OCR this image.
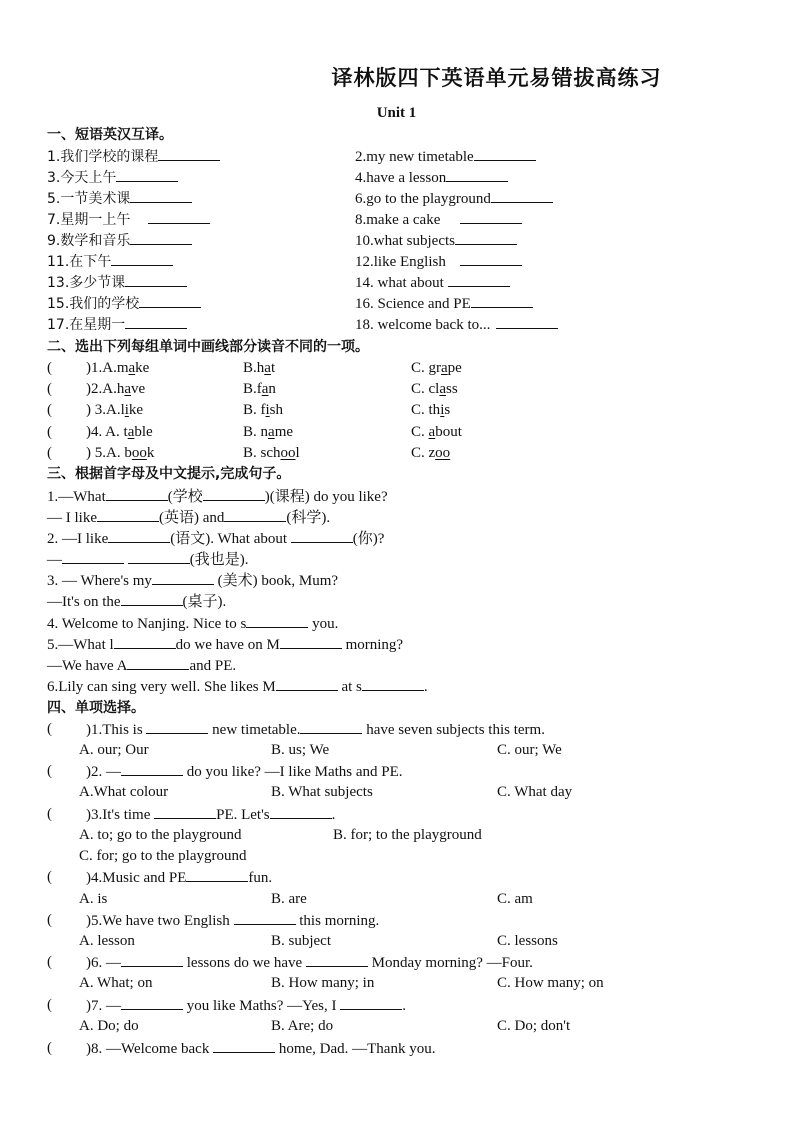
译林版四下英语单元易错拔高练习
Unit 1
一、短语英汉互译。
1.我们学校的课程	2.my new timetable
3.今天上午	4.have a lesson
5.一节美术课	6.go to the playground
7.星期一上午	8.make a cake
9.数学和音乐	10.what subjects
11.在下午	12.like English
13.多少节课	14. what about
15.我们的学校	16. Science and PE
17.在星期一	18. welcome back to...
二、选出下列每组单词中画线部分读音不同的一项。
( )1.A.make	B.hat	C. grape
( )2.A.have	B.fan	C. class
( ) 3.A.like	B. fish	C. this
( )4. A. table	B. name	C. about
( ) 5.A. book	B. school	C. zoo
三、根据首字母及中文提示,完成句子。
1.—What	(学校	)(课程) do you like?
— I like	(英语) and	(科学).
2. —I like	(语文). What about	(你)?
—	(我也是).
3. — Where's my	(美术) book, Mum?
—It's on the	(桌子).
4. Welcome to Nanjing. Nice to s	you.
5.—What l	do we have on M	morning?
—We have A	and PE.
6.Lily can sing very well. She likes M	at s	.
四、单项选择。
( )1.This is	new timetable.	have seven subjects this term.
A. our; Our	B. us; We	C. our; We
( )2. —	do you like? —I like Maths and PE.
A.What colour	B. What subjects	C. What day
( )3.It's time	PE. Let's	.
A. to; go to the playground	B. for; to the playground
C. for; go to the playground
( )4.Music and PE	fun.
A. is	B. are	C. am
( )5.We have two English	this morning.
A. lesson	B. subject	C. lessons
( )6. —	lessons do we have	Monday morning? —Four.
A. What; on	B. How many; in	C. How many; on
( )7. —	you like Maths? —Yes, I	.
A. Do; do	B. Are; do	C. Do; don't
( )8. —Welcome back	home, Dad. —Thank you.
